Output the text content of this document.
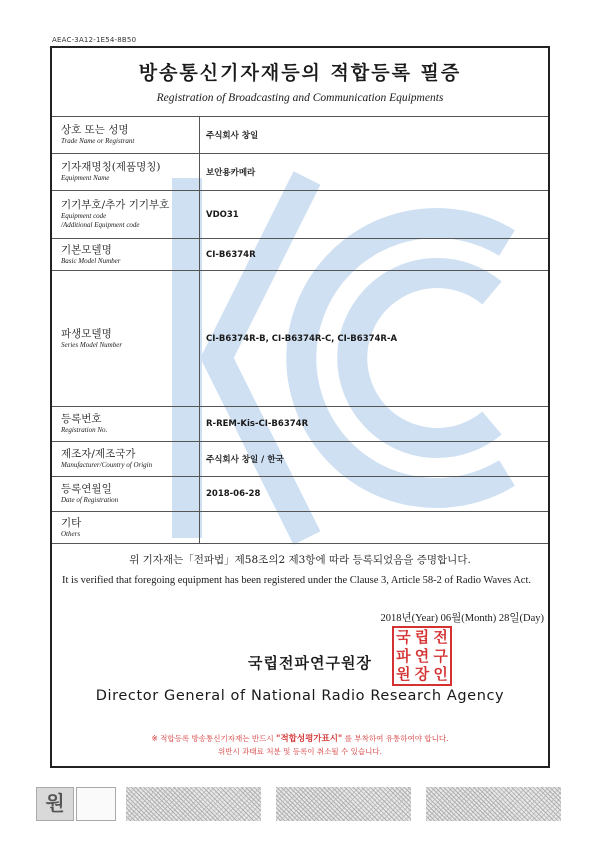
AEAC-3A12-1E54-8B50
방송통신기자재등의 적합등록 필증
Registration of Broadcasting and Communication Equipments
상호 또는 성명
Trade Name or Registrant	주식회사 창일

기자재명칭(제품명칭)
Equipment Name	보안용카메라

기기부호/추가 기기부호
Equipment code
/Additional Equipment code	VDO31

기본모델명
Basic Model Number	CI-B6374R

파생모델명
Series Model Number	CI-B6374R-B, CI-B6374R-C, CI-B6374R-A

등록번호
Registration No.	R-REM-Kis-CI-B6374R

제조자/제조국가
Manufacturer/Country of Origin	주식회사 창일 / 한국

등록연월일
Date of Registration	2018-06-28

기타
Others	

위 기자재는「전파법」제58조의2 제3항에 따라 등록되었음을 증명합니다.
It is verified that foregoing equipment has been registered under the Clause 3, Article 58-2 of Radio Waves Act.
2018년(Year) 06월(Month) 28일(Day)
국립전파연구원장
국 립 전
파 연 구
원 장 인
Director General of National Radio Research Agency
※ 적합등록 방송통신기자재는 반드시 "적합성평가표시" 를 부착하여 유통하여야 합니다.
위반시 과태료 처분 및 등록이 취소될 수 있습니다.
원
